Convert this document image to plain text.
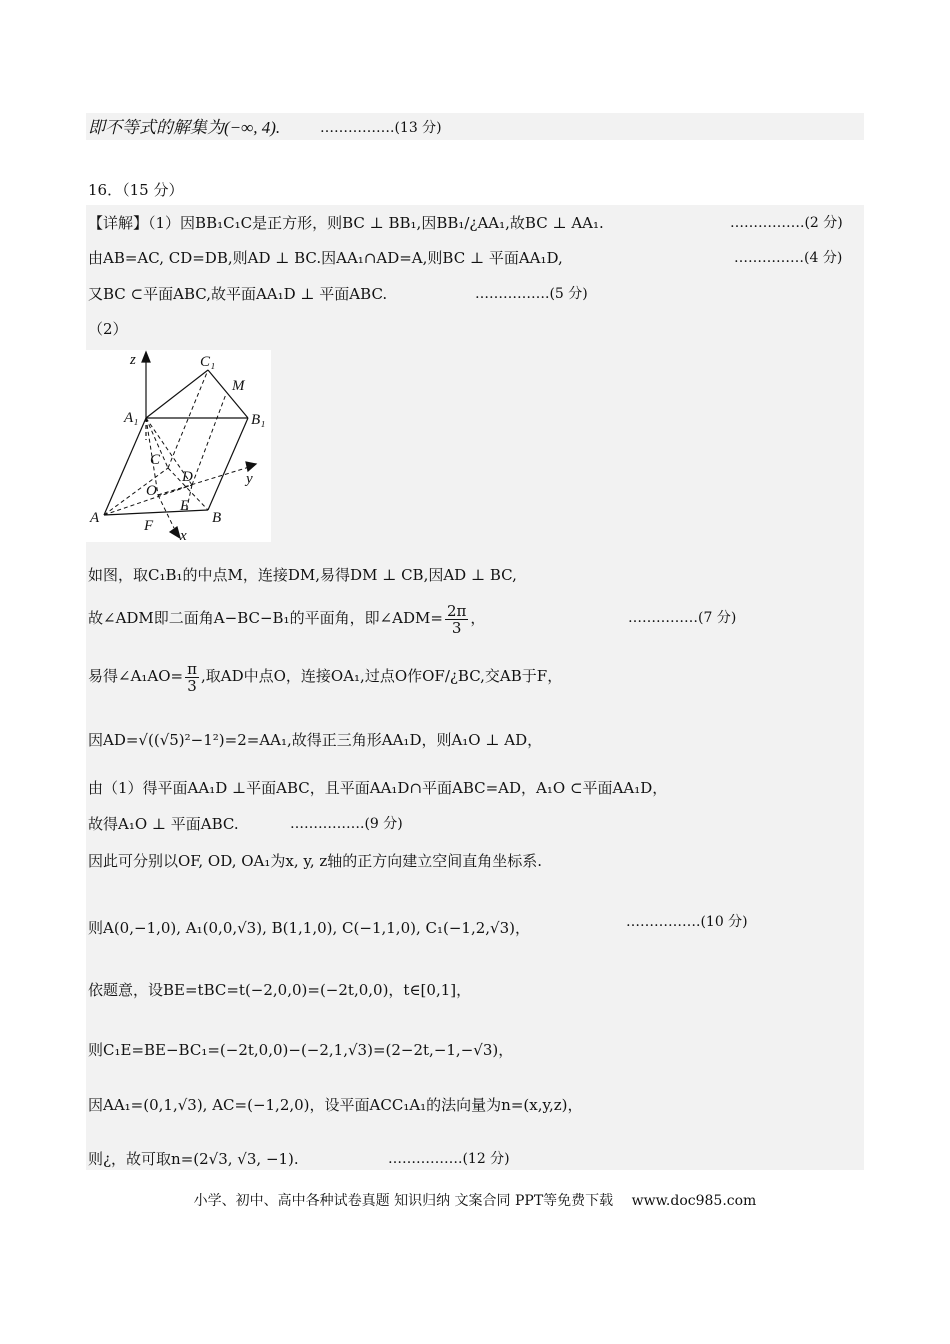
即不等式的解集为(−∞, 4).	…………….(13 分)
16．（15 分）
【详解】（1）因BB₁C₁C是正方形，则BC ⊥ BB₁,因BB₁/¿AA₁,故BC ⊥ AA₁.	…………….(2 分)
由AB=AC, CD=DB,则AD ⊥ BC.因AA₁∩AD=A,则BC ⊥ 平面AA₁D,	……………(4 分)
又BC ⊂平面ABC,故平面AA₁D ⊥ 平面ABC.	…………….(5 分)
（2）
z	C₁
M
A₁	B₁
C
D	y
O
E
A	B
F
x
如图，取C₁B₁的中点M，连接DM,易得DM ⊥ CB,因AD ⊥ BC,
故∠ADM即二面角A−BC−B₁的平面角，即∠ADM= $\frac{2\pi}{3}$ ，	……………(7 分)
易得∠A₁AO= $\frac{\pi}{3}$ ,取AD中点O，连接OA₁,过点O作OF/¿BC,交AB于F，
因AD=√((√5)²−1²)=2=AA₁,故得正三角形AA₁D，则A₁O ⊥ AD，
由（1）得平面AA₁D ⊥平面ABC，且平面AA₁D∩平面ABC=AD，A₁O ⊂平面AA₁D，
故得A₁O ⊥ 平面ABC.	…………….(9 分)
因此可分别以OF, OD, OA₁为x, y, z轴的正方向建立空间直角坐标系.
则A(0,−1,0), A₁(0,0,√3), B(1,1,0), C(−1,1,0), C₁(−1,2,√3)，	…………….(10 分)
依题意，设BE=tBC=t(−2,0,0)=(−2t,0,0)，t∈[0,1]，
则C₁E=BE−BC₁=(−2t,0,0)−(−2,1,√3)=(2−2t,−1,−√3)，
因AA₁=(0,1,√3), AC=(−1,2,0)，设平面ACC₁A₁的法向量为n=(x,y,z)，
则¿，故可取n=(2√3, √3, −1).	…………….(12 分)
小学、初中、高中各种试卷真题 知识归纳 文案合同 PPT等免费下载　 www.doc985.com
